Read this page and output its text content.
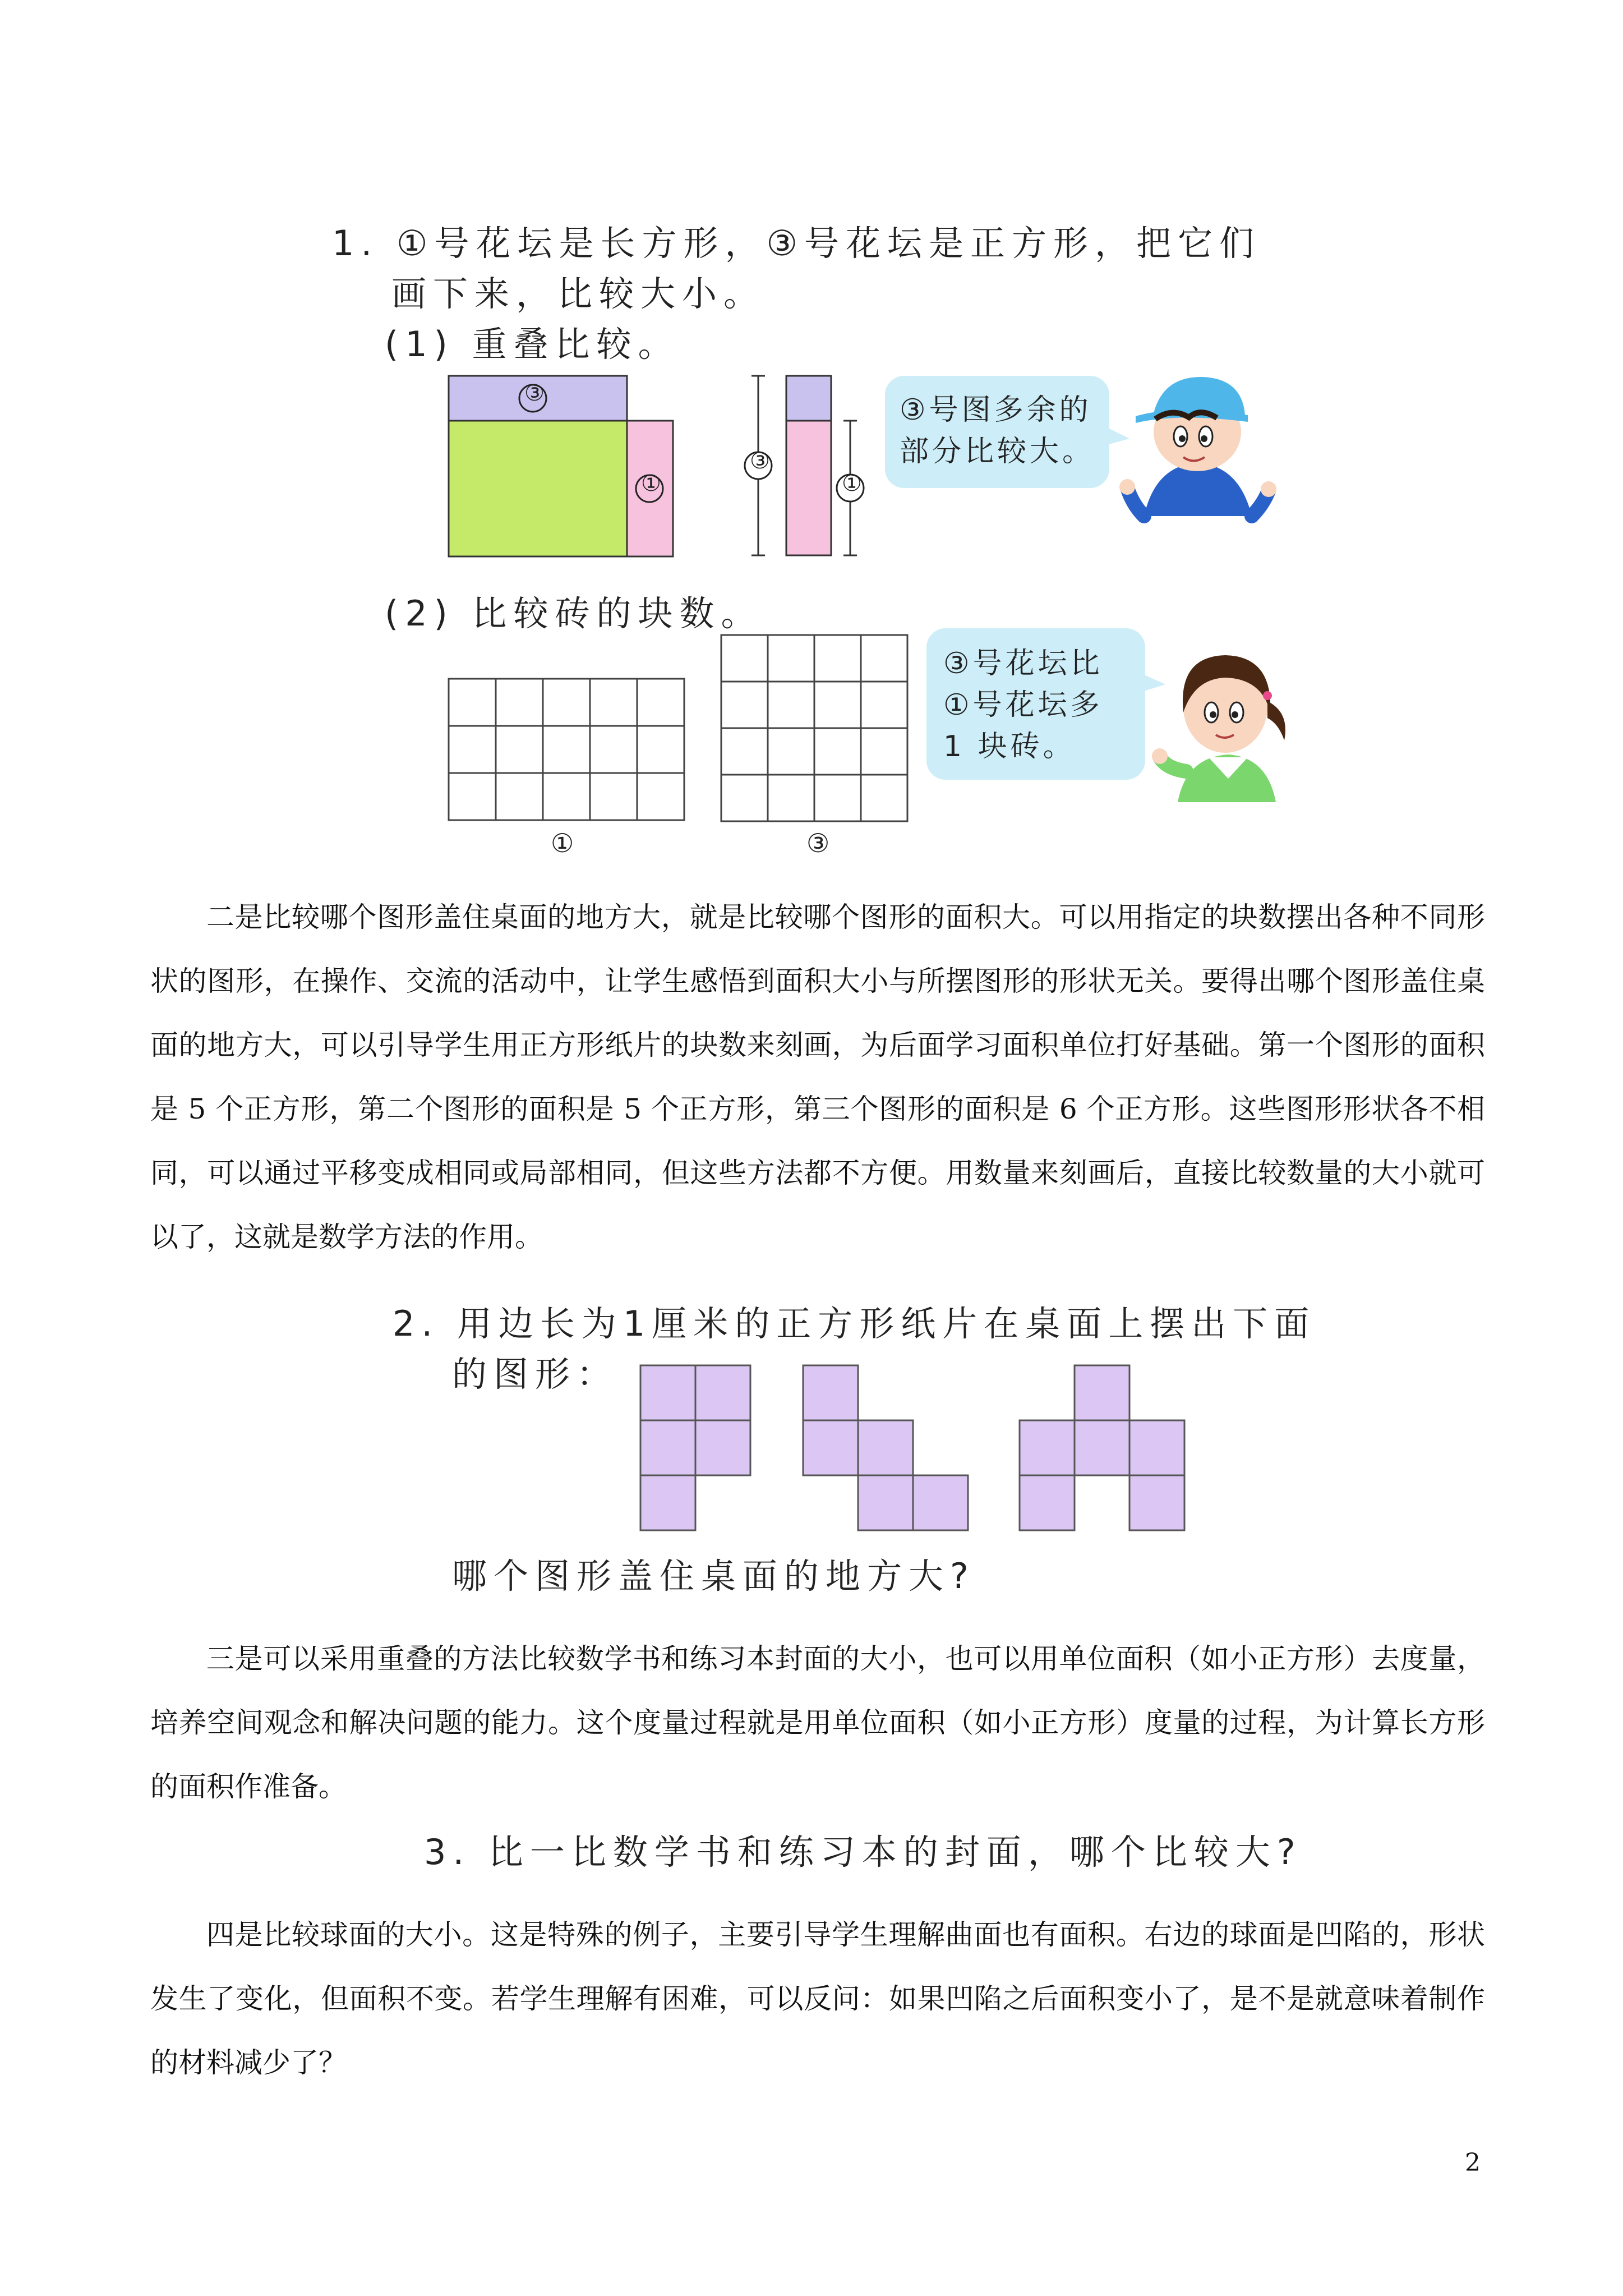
1. ①号花坛是长方形，③号花坛是正方形，把它们
画下来，比较大小。
(1) 重叠比较。
③
①
③
①
③号图多余的
部分比较大。
(2) 比较砖的块数。
①	③
③号花坛比
①号花坛多
1 块砖。

二是比较哪个图形盖住桌面的地方大，就是比较哪个图形的面积大。可以用指定的块数摆出各种不同形状的图形，在操作、交流的活动中，让学生感悟到面积大小与所摆图形的形状无关。要得出哪个图形盖住桌面的地方大，可以引导学生用正方形纸片的块数来刻画，为后面学习面积单位打好基础。第一个图形的面积是 5 个正方形，第二个图形的面积是 5 个正方形，第三个图形的面积是 6 个正方形。这些图形形状各不相同，可以通过平移变成相同或局部相同，但这些方法都不方便。用数量来刻画后，直接比较数量的大小就可以了，这就是数学方法的作用。

2. 用边长为1厘米的正方形纸片在桌面上摆出下面
的图形：
哪个图形盖住桌面的地方大?

三是可以采用重叠的方法比较数学书和练习本封面的大小，也可以用单位面积（如小正方形）去度量，培养空间观念和解决问题的能力。这个度量过程就是用单位面积（如小正方形）度量的过程，为计算长方形的面积作准备。

3. 比一比数学书和练习本的封面，哪个比较大?

四是比较球面的大小。这是特殊的例子，主要引导学生理解曲面也有面积。右边的球面是凹陷的，形状发生了变化，但面积不变。若学生理解有困难，可以反问：如果凹陷之后面积变小了，是不是就意味着制作的材料减少了？

2
